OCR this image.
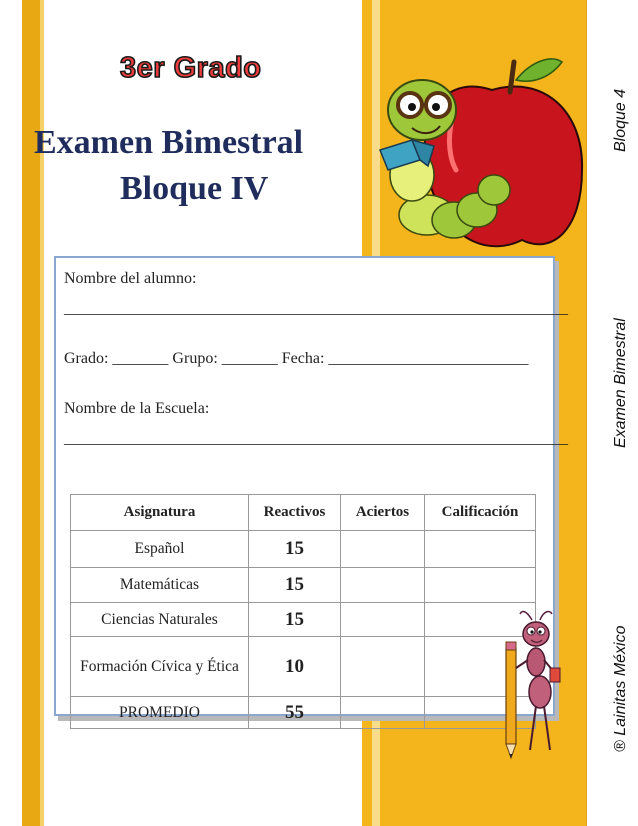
3er Grado
Examen Bimestral
Bloque IV
Bloque 4
Examen Bimestral
® Lainitas México
Nombre del alumno:
_______________________________________________________________
Grado: _______ Grupo: _______ Fecha: _________________________
Nombre de la Escuela:
_______________________________________________________________
Asignatura	Reactivos	Aciertos	Calificación
Español	15		
Matemáticas	15		
Ciencias Naturales	15		
Formación Cívica y Ética	10		
PROMEDIO	55		
